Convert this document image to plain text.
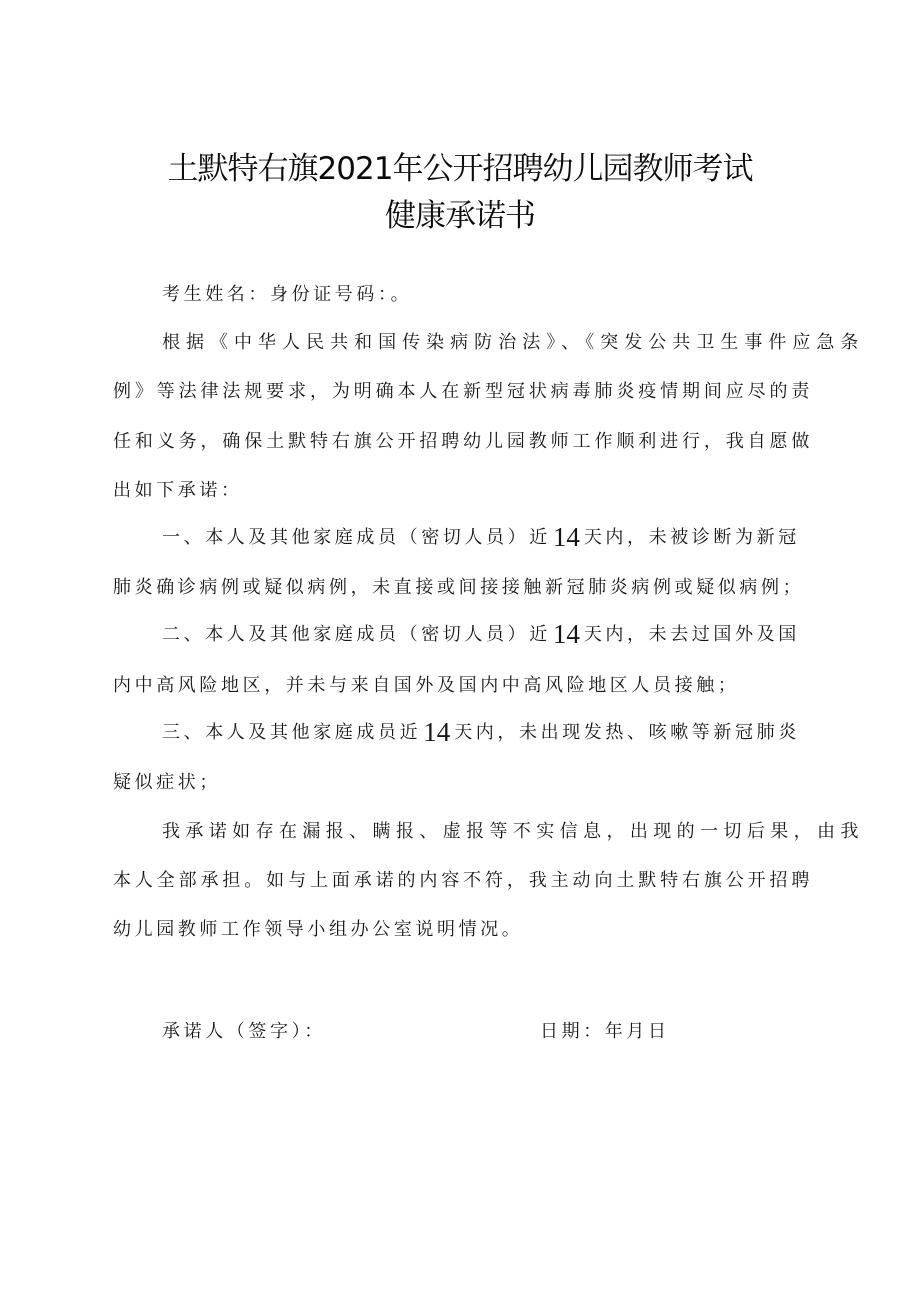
土默特右旗2021年公开招聘幼儿园教师考试
健康承诺书
考生姓名：身份证号码：。
根据《中华人民共和国传染病防治法》、《突发公共卫生事件应急条
例》等法律法规要求，为明确本人在新型冠状病毒肺炎疫情期间应尽的责
任和义务，确保土默特右旗公开招聘幼儿园教师工作顺利进行，我自愿做
出如下承诺：
一、本人及其他家庭成员（密切人员）近14 天内，未被诊断为新冠
肺炎确诊病例或疑似病例，未直接或间接接触新冠肺炎病例或疑似病例；
二、本人及其他家庭成员（密切人员）近14 天内，未去过国外及国
内中高风险地区，并未与来自国外及国内中高风险地区人员接触；
三、本人及其他家庭成员近14 天内，未出现发热、咳嗽等新冠肺炎
疑似症状；
我承诺如存在漏报、瞒报、虚报等不实信息，出现的一切后果，由我
本人全部承担。如与上面承诺的内容不符，我主动向土默特右旗公开招聘
幼儿园教师工作领导小组办公室说明情况。
承诺人（签字）：	日期：年月日
